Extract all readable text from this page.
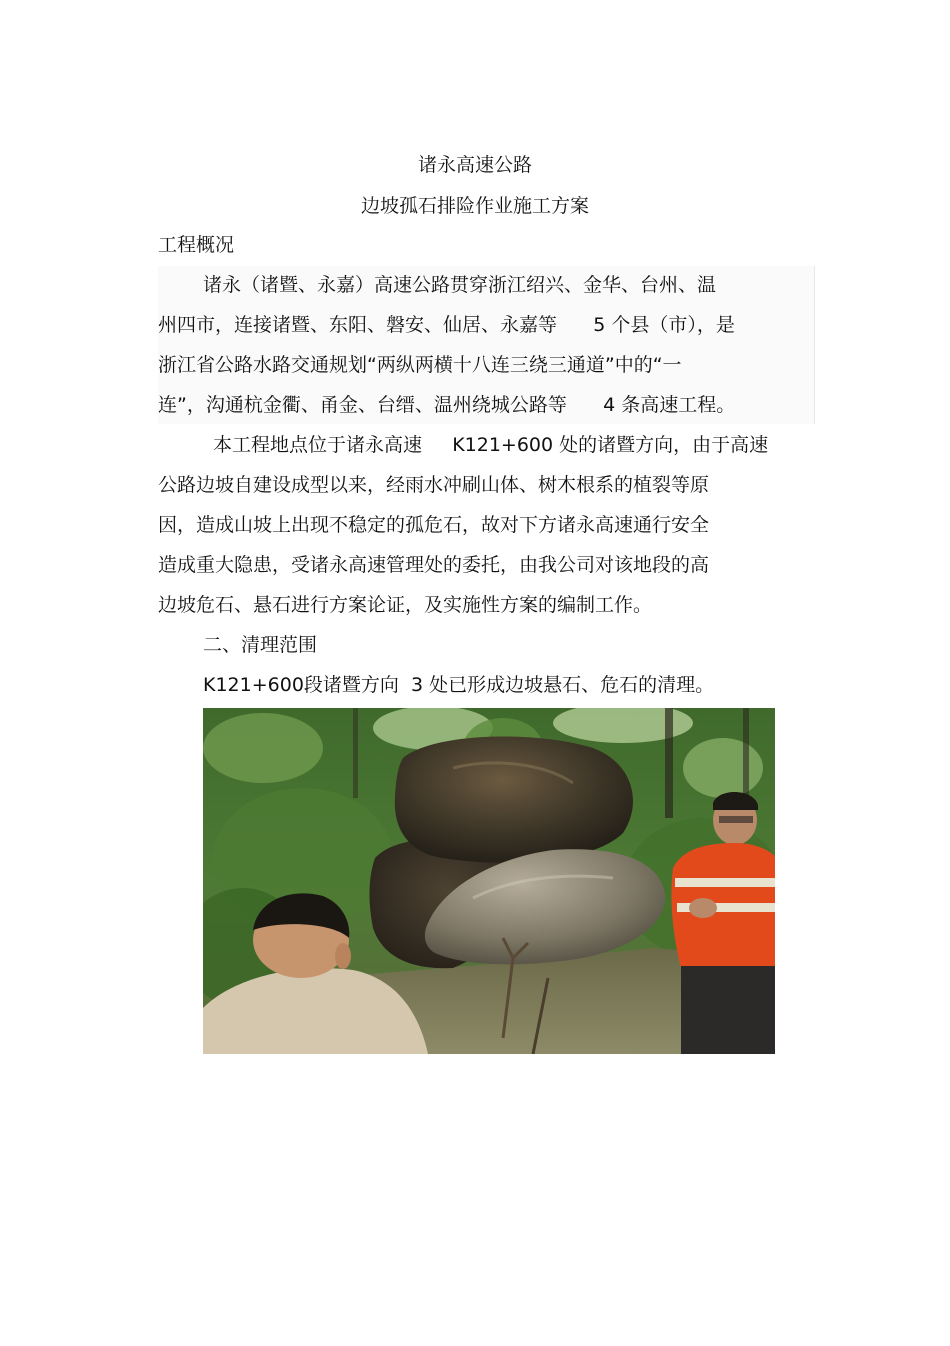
诸永高速公路
边坡孤石排险作业施工方案
工程概况
诸永（诸暨、永嘉）高速公路贯穿浙江绍兴、金华、台州、温
州四市，连接诸暨、东阳、磐安、仙居、永嘉等      5 个县（市），是
浙江省公路水路交通规划“两纵两横十八连三绕三通道”中的“一
连”，沟通杭金衢、甬金、台缙、温州绕城公路等      4 条高速工程。
本工程地点位于诸永高速     K121+600 处的诸暨方向，由于高速
公路边坡自建设成型以来，经雨水冲刷山体、树木根系的植裂等原
因，造成山坡上出现不稳定的孤危石，故对下方诸永高速通行安全
造成重大隐患，受诸永高速管理处的委托，由我公司对该地段的高
边坡危石、悬石进行方案论证，及实施性方案的编制工作。
二、清理范围
K121+600段诸暨方向  3 处已形成边坡悬石、危石的清理。
